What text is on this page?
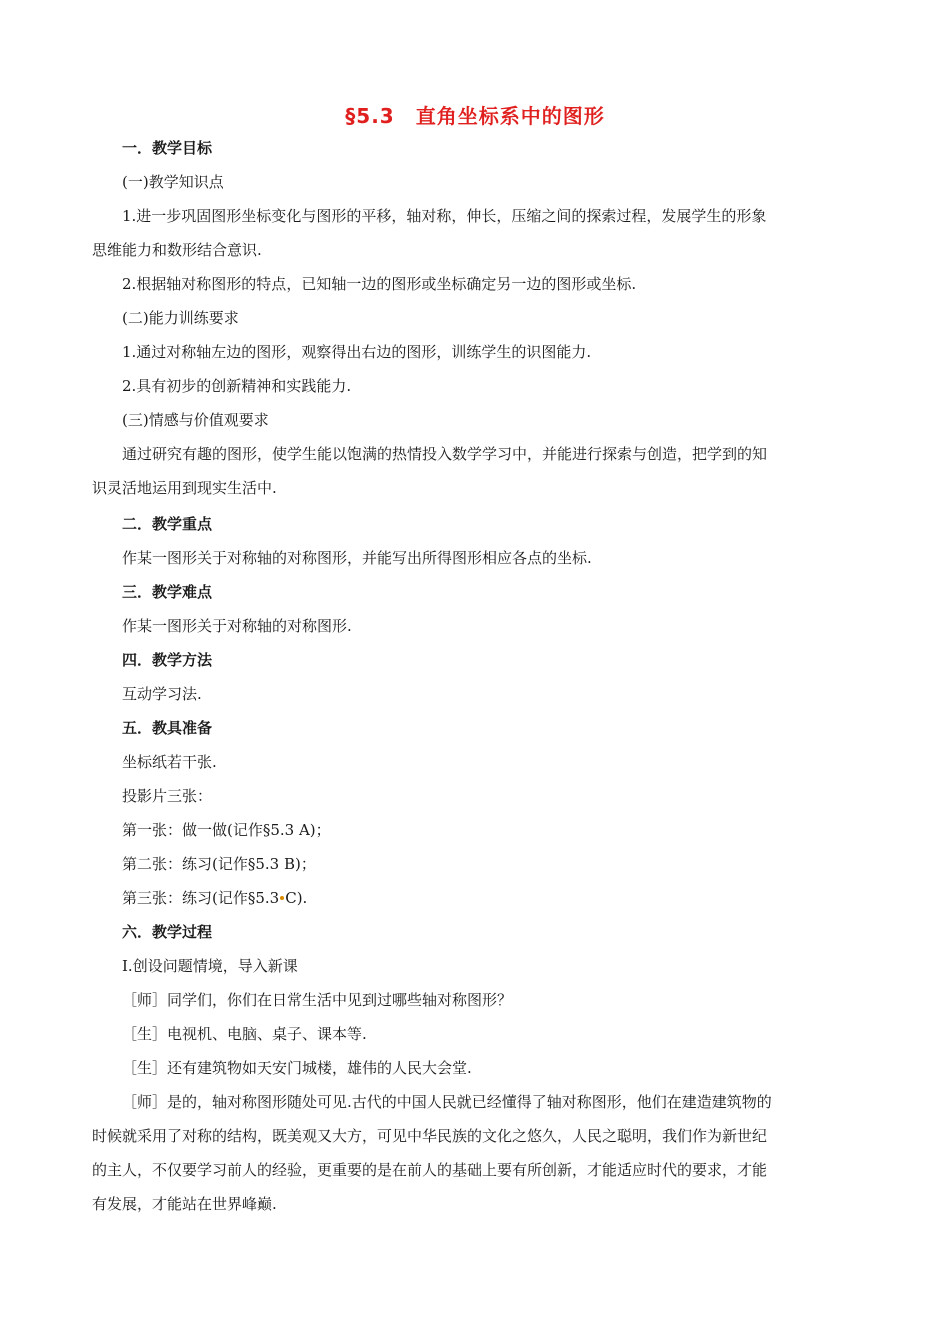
§5.3　直角坐标系中的图形
一．教学目标
(一)教学知识点
1.进一步巩固图形坐标变化与图形的平移，轴对称，伸长，压缩之间的探索过程，发展学生的形象
思维能力和数形结合意识.
2.根据轴对称图形的特点，已知轴一边的图形或坐标确定另一边的图形或坐标.
(二)能力训练要求
1.通过对称轴左边的图形，观察得出右边的图形，训练学生的识图能力.
2.具有初步的创新精神和实践能力.
(三)情感与价值观要求
通过研究有趣的图形，使学生能以饱满的热情投入数学学习中，并能进行探索与创造，把学到的知
识灵活地运用到现实生活中.
二．教学重点
作某一图形关于对称轴的对称图形，并能写出所得图形相应各点的坐标.
三．教学难点
作某一图形关于对称轴的对称图形.
四．教学方法
互动学习法.
五．教具准备
坐标纸若干张.
投影片三张：
第一张：做一做(记作§5.3 A)；
第二张：练习(记作§5.3 B)；
第三张：练习(记作§5.3 C).
六．教学过程
Ⅰ.创设问题情境，导入新课
［师］同学们，你们在日常生活中见到过哪些轴对称图形？
［生］电视机、电脑、桌子、课本等.
［生］还有建筑物如天安门城楼，雄伟的人民大会堂.
［师］是的，轴对称图形随处可见.古代的中国人民就已经懂得了轴对称图形，他们在建造建筑物的
时候就采用了对称的结构，既美观又大方，可见中华民族的文化之悠久，人民之聪明，我们作为新世纪
的主人，不仅要学习前人的经验，更重要的是在前人的基础上要有所创新，才能适应时代的要求，才能
有发展，才能站在世界峰巅.
